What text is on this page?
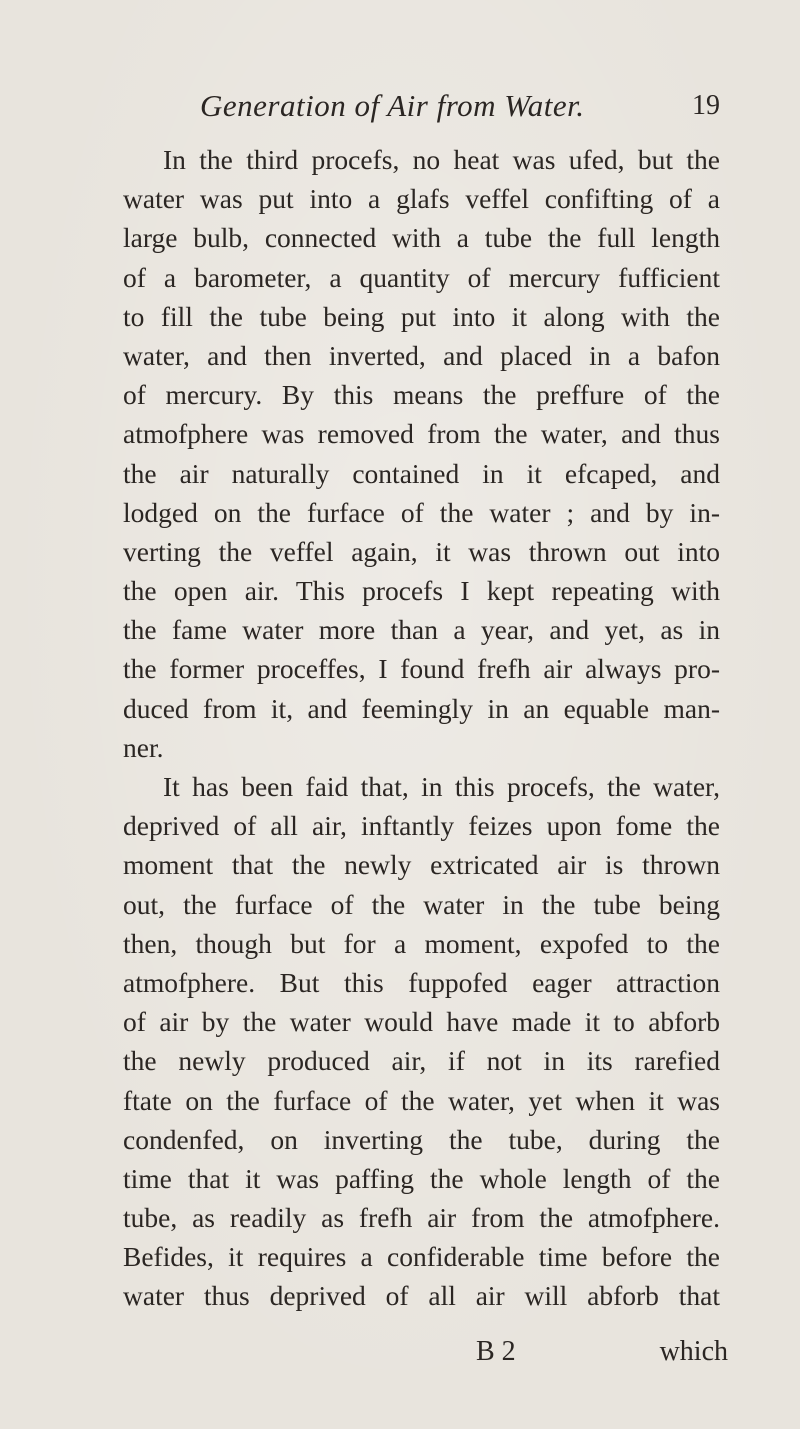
Generation of Air from Water.	19
In the third procefs, no heat was ufed, but the
water was put into a glafs veffel confifting of a
large bulb, connected with a tube the full length
of a barometer, a quantity of mercury fufficient
to fill the tube being put into it along with the
water, and then inverted, and placed in a bafon
of mercury. By this means the preffure of the
atmofphere was removed from the water, and thus
the air naturally contained in it efcaped, and
lodged on the furface of the water ; and by in-
verting the veffel again, it was thrown out into
the open air. This procefs I kept repeating with
the fame water more than a year, and yet, as in
the former proceffes, I found frefh air always pro-
duced from it, and feemingly in an equable man-
ner.
It has been faid that, in this procefs, the water,
deprived of all air, inftantly feizes upon fome the
moment that the newly extricated air is thrown
out, the furface of the water in the tube being
then, though but for a moment, expofed to the
atmofphere. But this fuppofed eager attraction
of air by the water would have made it to abforb
the newly produced air, if not in its rarefied
ftate on the furface of the water, yet when it was
condenfed, on inverting the tube, during the
time that it was paffing the whole length of the
tube, as readily as frefh air from the atmofphere.
Befides, it requires a confiderable time before the
water thus deprived of all air will abforb that
B 2	which
